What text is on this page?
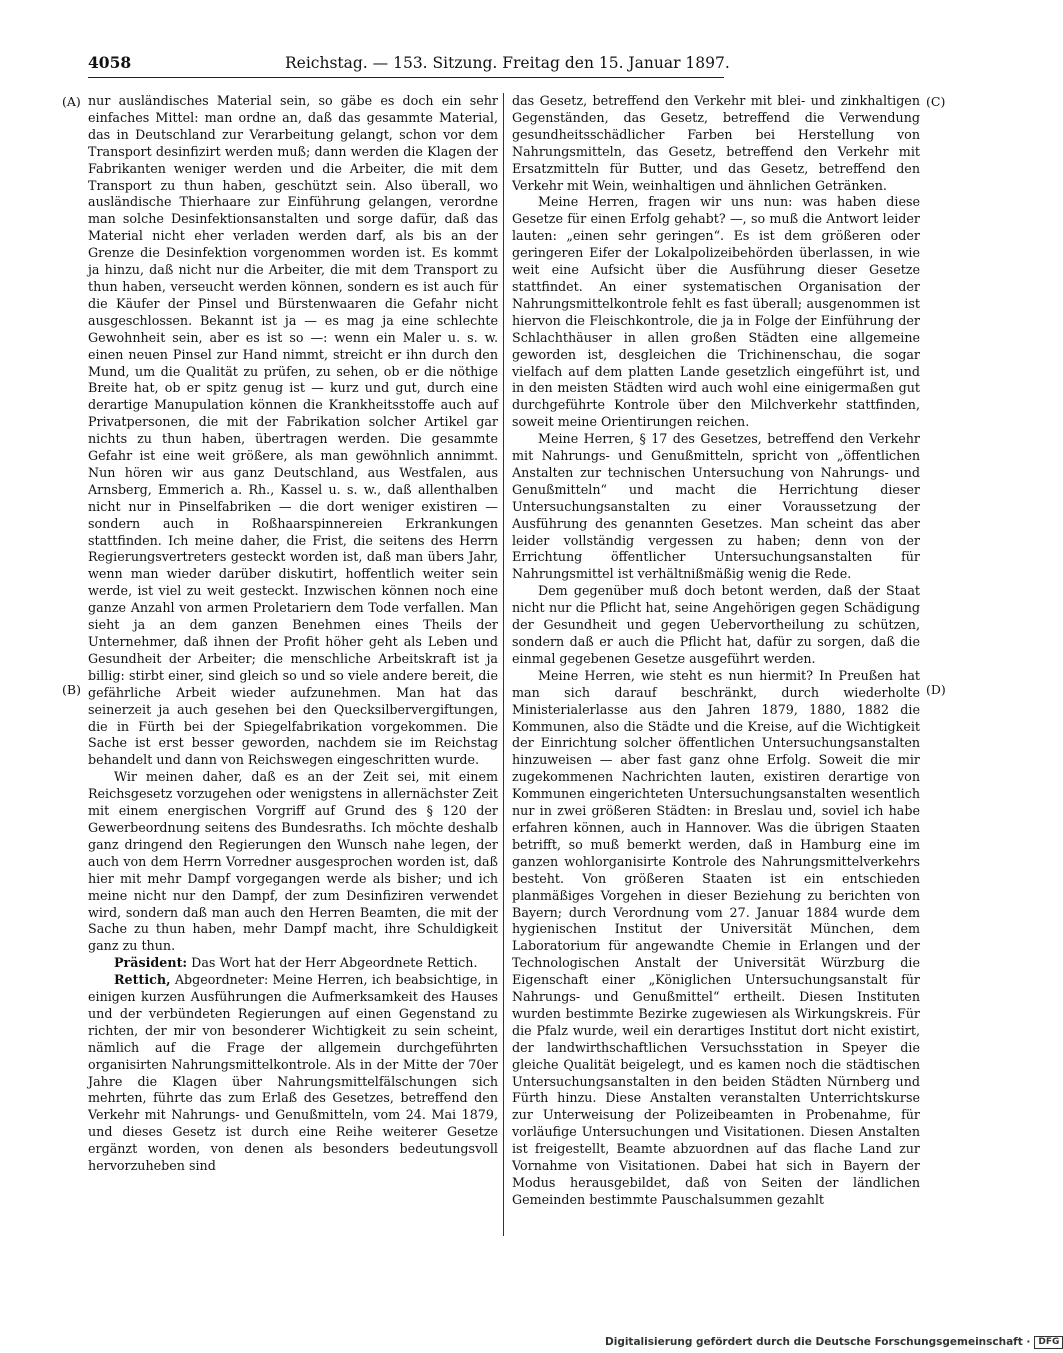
4058	Reichstag. — 153. Sitzung. Freitag den 15. Januar 1897.
(A)
(B)
(C)
(D)

nur ausländisches Material sein, so gäbe es doch ein sehr einfaches Mittel: man ordne an, daß das gesammte Material, das in Deutschland zur Verarbeitung gelangt, schon vor dem Transport desinfizirt werden muß; dann werden die Klagen der Fabrikanten weniger werden und die Arbeiter, die mit dem Transport zu thun haben, geschützt sein. Also überall, wo ausländische Thierhaare zur Einführung gelangen, verordne man solche Desinfektionsanstalten und sorge dafür, daß das Material nicht eher verladen werden darf, als bis an der Grenze die Desinfektion vorgenommen worden ist. Es kommt ja hinzu, daß nicht nur die Arbeiter, die mit dem Transport zu thun haben, verseucht werden können, sondern es ist auch für die Käufer der Pinsel und Bürstenwaaren die Gefahr nicht ausgeschlossen. Bekannt ist ja — es mag ja eine schlechte Gewohnheit sein, aber es ist so —: wenn ein Maler u. s. w. einen neuen Pinsel zur Hand nimmt, streicht er ihn durch den Mund, um die Qualität zu prüfen, zu sehen, ob er die nöthige Breite hat, ob er spitz genug ist — kurz und gut, durch eine derartige Manupulation können die Krankheitsstoffe auch auf Privatpersonen, die mit der Fabrikation solcher Artikel gar nichts zu thun haben, übertragen werden. Die gesammte Gefahr ist eine weit größere, als man gewöhnlich annimmt. Nun hören wir aus ganz Deutschland, aus Westfalen, aus Arnsberg, Emmerich a. Rh., Kassel u. s. w., daß allenthalben nicht nur in Pinselfabriken — die dort weniger existiren — sondern auch in Roßhaarspinnereien Erkrankungen stattfinden. Ich meine daher, die Frist, die seitens des Herrn Regierungsvertreters gesteckt worden ist, daß man übers Jahr, wenn man wieder darüber diskutirt, hoffentlich weiter sein werde, ist viel zu weit gesteckt. Inzwischen können noch eine ganze Anzahl von armen Proletariern dem Tode verfallen. Man sieht ja an dem ganzen Benehmen eines Theils der Unternehmer, daß ihnen der Profit höher geht als Leben und Gesundheit der Arbeiter; die menschliche Arbeitskraft ist ja billig: stirbt einer, sind gleich so und so viele andere bereit, die gefährliche Arbeit wieder aufzunehmen. Man hat das seinerzeit ja auch gesehen bei den Quecksilbervergiftungen, die in Fürth bei der Spiegelfabrikation vorgekommen. Die Sache ist erst besser geworden, nachdem sie im Reichstag behandelt und dann von Reichswegen eingeschritten wurde.

Wir meinen daher, daß es an der Zeit sei, mit einem Reichsgesetz vorzugehen oder wenigstens in allernächster Zeit mit einem energischen Vorgriff auf Grund des § 120 der Gewerbeordnung seitens des Bundesraths. Ich möchte deshalb ganz dringend den Regierungen den Wunsch nahe legen, der auch von dem Herrn Vorredner ausgesprochen worden ist, daß hier mit mehr Dampf vorgegangen werde als bisher; und ich meine nicht nur den Dampf, der zum Desinfiziren verwendet wird, sondern daß man auch den Herren Beamten, die mit der Sache zu thun haben, mehr Dampf macht, ihre Schuldigkeit ganz zu thun.

Präsident: Das Wort hat der Herr Abgeordnete Rettich.

Rettich, Abgeordneter: Meine Herren, ich beabsichtige, in einigen kurzen Ausführungen die Aufmerksamkeit des Hauses und der verbündeten Regierungen auf einen Gegenstand zu richten, der mir von besonderer Wichtigkeit zu sein scheint, nämlich auf die Frage der allgemein durchgeführten organisirten Nahrungsmittelkontrole. Als in der Mitte der 70er Jahre die Klagen über Nahrungsmittelfälschungen sich mehrten, führte das zum Erlaß des Gesetzes, betreffend den Verkehr mit Nahrungs- und Genußmitteln, vom 24. Mai 1879, und dieses Gesetz ist durch eine Reihe weiterer Gesetze ergänzt worden, von denen als besonders bedeutungsvoll hervorzuheben sind

das Gesetz, betreffend den Verkehr mit blei- und zinkhaltigen Gegenständen, das Gesetz, betreffend die Verwendung gesundheitsschädlicher Farben bei Herstellung von Nahrungsmitteln, das Gesetz, betreffend den Verkehr mit Ersatzmitteln für Butter, und das Gesetz, betreffend den Verkehr mit Wein, weinhaltigen und ähnlichen Getränken.

Meine Herren, fragen wir uns nun: was haben diese Gesetze für einen Erfolg gehabt? —, so muß die Antwort leider lauten: „einen sehr geringen“. Es ist dem größeren oder geringeren Eifer der Lokalpolizeibehörden überlassen, in wie weit eine Aufsicht über die Ausführung dieser Gesetze stattfindet. An einer systematischen Organisation der Nahrungsmittelkontrole fehlt es fast überall; ausgenommen ist hiervon die Fleischkontrole, die ja in Folge der Einführung der Schlachthäuser in allen großen Städten eine allgemeine geworden ist, desgleichen die Trichinenschau, die sogar vielfach auf dem platten Lande gesetzlich eingeführt ist, und in den meisten Städten wird auch wohl eine einigermaßen gut durchgeführte Kontrole über den Milchverkehr stattfinden, soweit meine Orientirungen reichen.

Meine Herren, § 17 des Gesetzes, betreffend den Verkehr mit Nahrungs- und Genußmitteln, spricht von „öffentlichen Anstalten zur technischen Untersuchung von Nahrungs- und Genußmitteln“ und macht die Herrichtung dieser Untersuchungsanstalten zu einer Voraussetzung der Ausführung des genannten Gesetzes. Man scheint das aber leider vollständig vergessen zu haben; denn von der Errichtung öffentlicher Untersuchungsanstalten für Nahrungsmittel ist verhältnißmäßig wenig die Rede.

Dem gegenüber muß doch betont werden, daß der Staat nicht nur die Pflicht hat, seine Angehörigen gegen Schädigung der Gesundheit und gegen Uebervortheilung zu schützen, sondern daß er auch die Pflicht hat, dafür zu sorgen, daß die einmal gegebenen Gesetze ausgeführt werden.

Meine Herren, wie steht es nun hiermit? In Preußen hat man sich darauf beschränkt, durch wiederholte Ministerialerlasse aus den Jahren 1879, 1880, 1882 die Kommunen, also die Städte und die Kreise, auf die Wichtigkeit der Einrichtung solcher öffentlichen Untersuchungsanstalten hinzuweisen — aber fast ganz ohne Erfolg. Soweit die mir zugekommenen Nachrichten lauten, existiren derartige von Kommunen eingerichteten Untersuchungsanstalten wesentlich nur in zwei größeren Städten: in Breslau und, soviel ich habe erfahren können, auch in Hannover. Was die übrigen Staaten betrifft, so muß bemerkt werden, daß in Hamburg eine im ganzen wohlorganisirte Kontrole des Nahrungsmittelverkehrs besteht. Von größeren Staaten ist ein entschieden planmäßiges Vorgehen in dieser Beziehung zu berichten von Bayern; durch Verordnung vom 27. Januar 1884 wurde dem hygienischen Institut der Universität München, dem Laboratorium für angewandte Chemie in Erlangen und der Technologischen Anstalt der Universität Würzburg die Eigenschaft einer „Königlichen Untersuchungsanstalt für Nahrungs- und Genußmittel“ ertheilt. Diesen Instituten wurden bestimmte Bezirke zugewiesen als Wirkungskreis. Für die Pfalz wurde, weil ein derartiges Institut dort nicht existirt, der landwirthschaftlichen Versuchsstation in Speyer die gleiche Qualität beigelegt, und es kamen noch die städtischen Untersuchungsanstalten in den beiden Städten Nürnberg und Fürth hinzu. Diese Anstalten veranstalten Unterrichtskurse zur Unterweisung der Polizeibeamten in Probenahme, für vorläufige Untersuchungen und Visitationen. Diesen Anstalten ist freigestellt, Beamte abzuordnen auf das flache Land zur Vornahme von Visitationen. Dabei hat sich in Bayern der Modus herausgebildet, daß von Seiten der ländlichen Gemeinden bestimmte Pauschalsummen gezahlt

Digitalisierung gefördert durch die Deutsche Forschungsgemeinschaft · DFG
